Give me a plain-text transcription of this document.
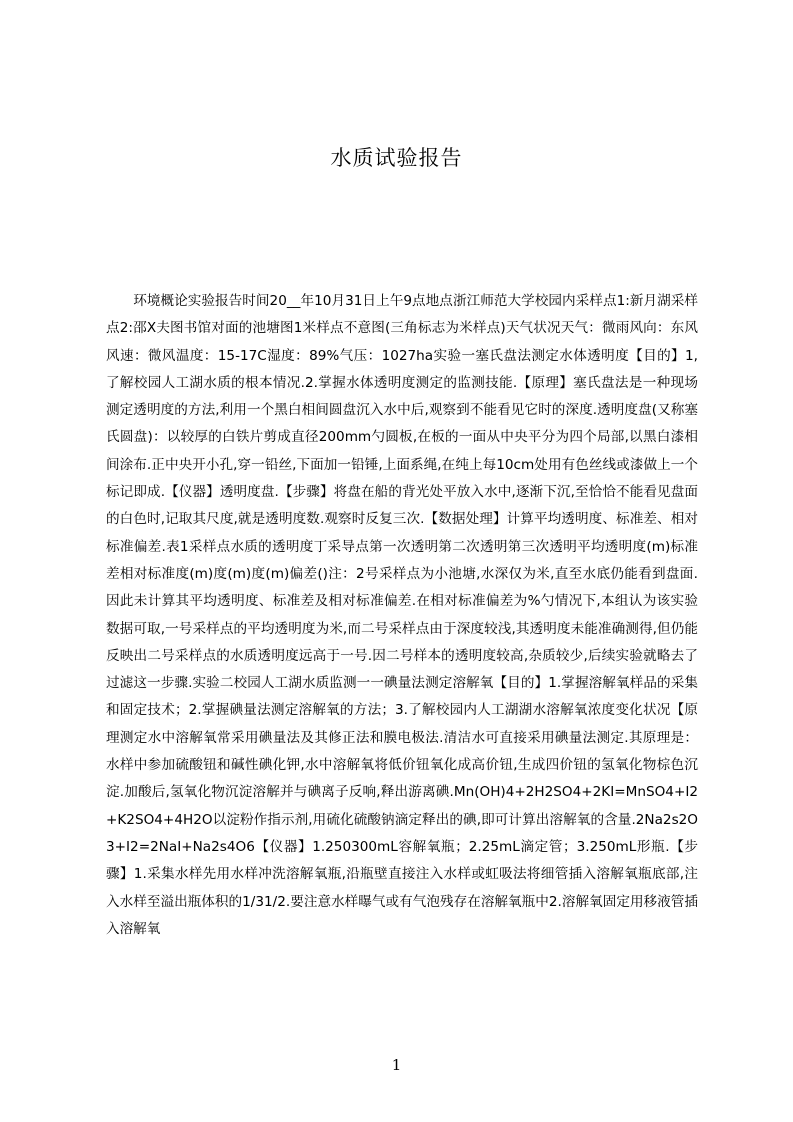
水质试验报告

环境概论实验报告时间20__年10月31日上午9点地点浙江师范大学校园内采样点1:新月湖采样点2:邵X夫图书馆对面的池塘图1米样点不意图(三角标志为米样点)天气状况天气：微雨风向：东风风速：微风温度：15-17C湿度：89%气压：1027ha实验一塞氏盘法测定水体透明度【目的】1,了解校园人工湖水质的根本情况.2.掌握水体透明度测定的监测技能.【原理】塞氏盘法是一种现场测定透明度的方法,利用一个黑白相间圆盘沉入水中后,观察到不能看见它时的深度.透明度盘(又称塞氏圆盘)：以较厚的白铁片剪成直径200mm勺圆板,在板的一面从中央平分为四个局部,以黑白漆相间涂布.正中央开小孔,穿一铅丝,下面加一铅锤,上面系绳,在纯上每10cm处用有色丝线或漆做上一个标记即成.【仪器】透明度盘.【步骤】将盘在船的背光处平放入水中,逐渐下沉,至恰恰不能看见盘面的白色时,记取其尺度,就是透明度数.观察时反复三次.【数据处理】计算平均透明度、标准差、相对标准偏差.表1采样点水质的透明度丁采导点第一次透明第二次透明第三次透明平均透明度(m)标准差相对标准度(m)度(m)度(m)偏差()注：2号采样点为小池塘,水深仅为米,直至水底仍能看到盘面.因此未计算其平均透明度、标准差及相对标准偏差.在相对标准偏差为%勺情况下,本组认为该实验数据可取,一号采样点的平均透明度为米,而二号采样点由于深度较浅,其透明度未能准确测得,但仍能反映出二号采样点的水质透明度远高于一号.因二号样本的透明度较高,杂质较少,后续实验就略去了过滤这一步骤.实验二校园人工湖水质监测一一碘量法测定溶解氧【目的】1.掌握溶解氧样品的采集和固定技术；2.掌握碘量法测定溶解氧的方法；3.了解校园内人工湖湖水溶解氧浓度变化状况【原理测定水中溶解氧常采用碘量法及其修正法和膜电极法.清洁水可直接采用碘量法测定.其原理是：水样中参加硫酸钮和碱性碘化钾,水中溶解氧将低价钮氧化成高价钮,生成四价钮的氢氧化物棕色沉淀.加酸后,氢氧化物沉淀溶解并与碘离子反响,释出游离碘.Mn(OH)4+2H2SO4+2KI=MnSO4+I2+K2SO4+4H2O以淀粉作指示剂,用硫化硫酸钠滴定释出的碘,即可计算出溶解氧的含量.2Na2s2O3+I2=2NaI+Na2s4O6【仪器】1.250300mL容解氧瓶；2.25mL滴定管；3.250mL形瓶.【步骤】1.采集水样先用水样冲洗溶解氧瓶,沿瓶壁直接注入水样或虹吸法将细管插入溶解氧瓶底部,注入水样至溢出瓶体积的1/31/2.要注意水样曝气或有气泡残存在溶解氧瓶中2.溶解氧固定用移液管插入溶解氧

1
